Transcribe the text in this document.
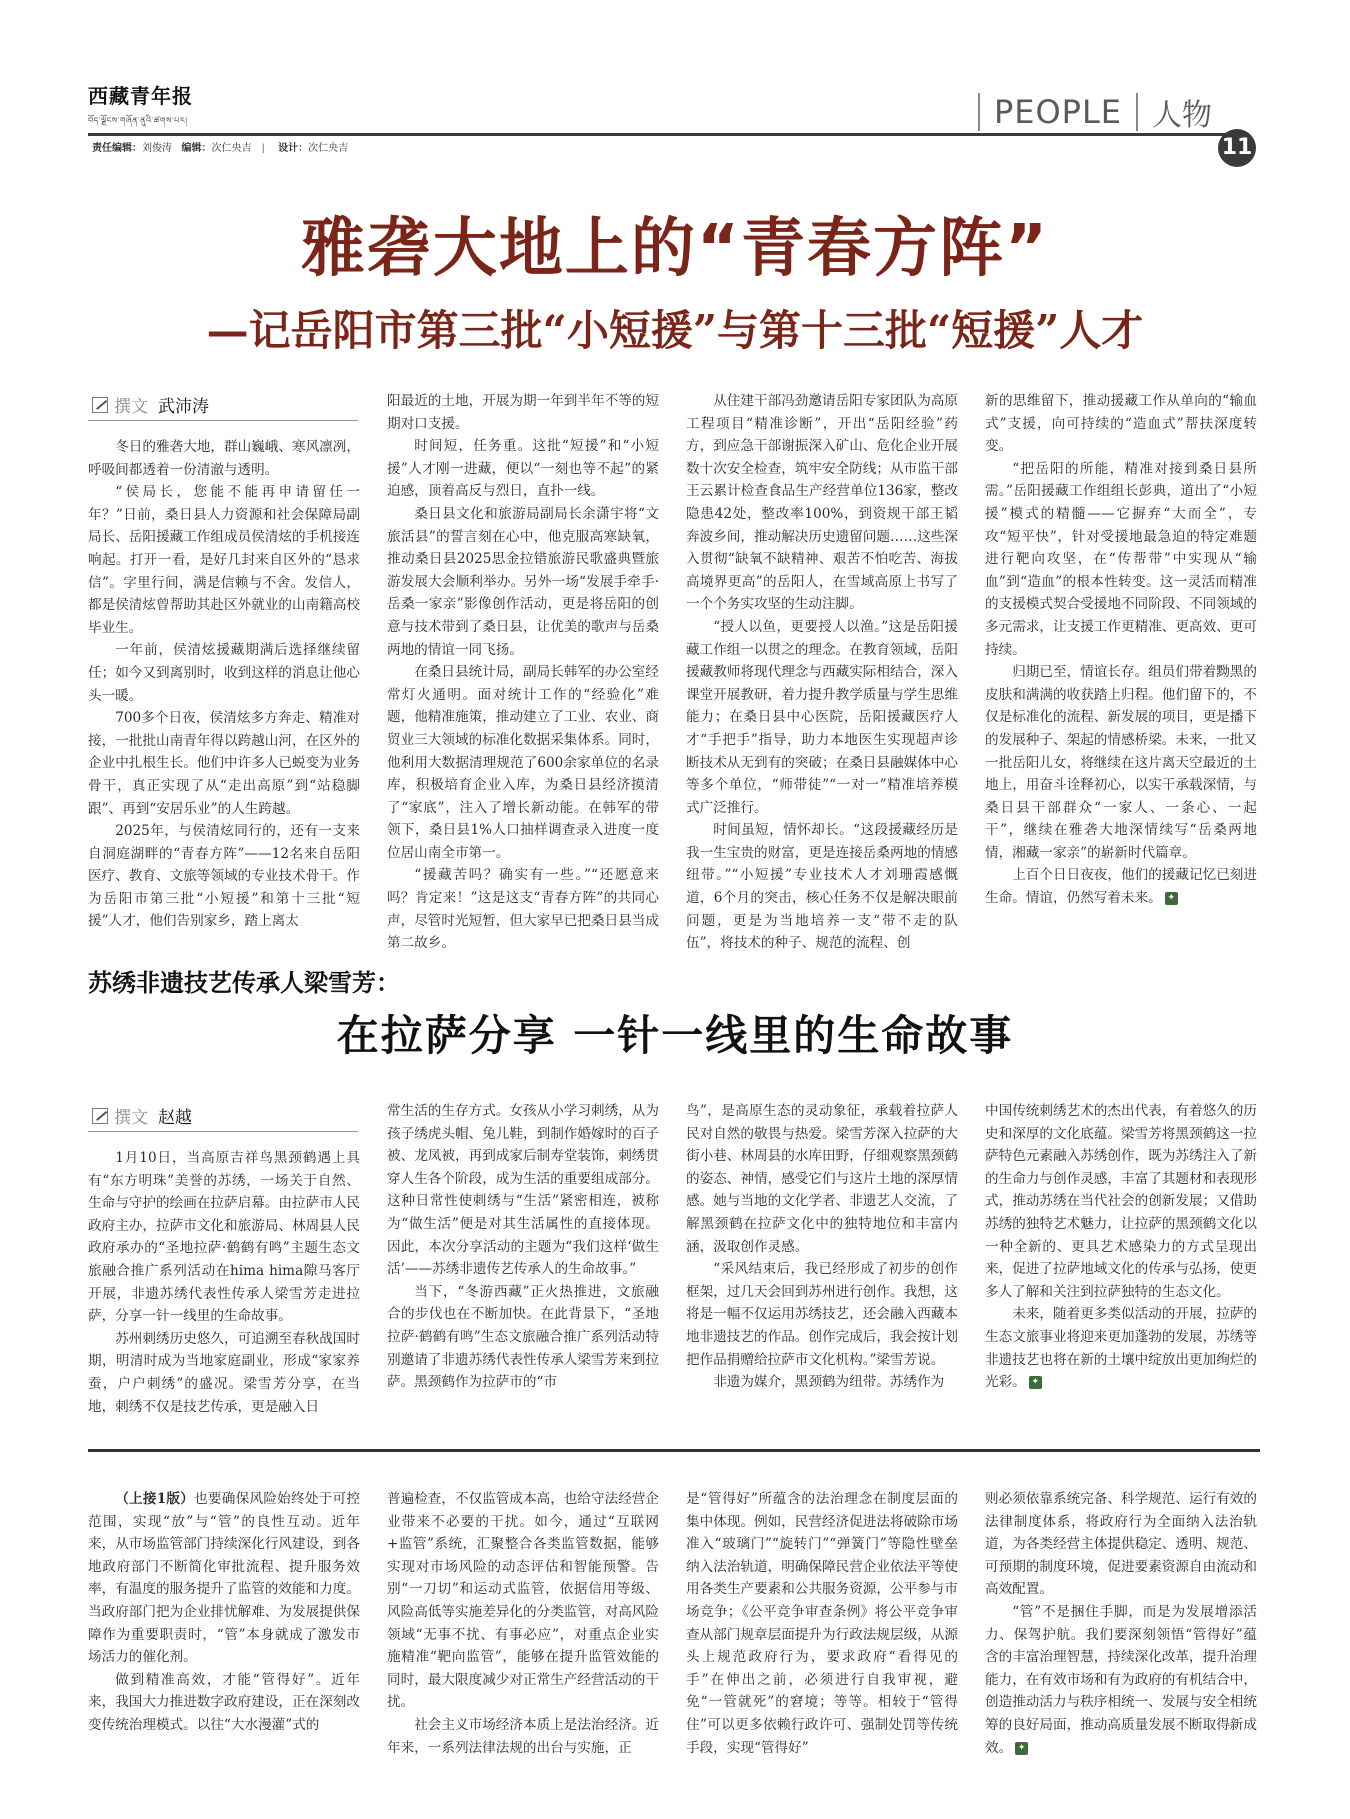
西藏青年报
བོད་ལྗོངས་གཞོན་ནུའི་ཚགས་པར།
责任编辑：刘俊涛 编辑：次仁央吉 | 设计：次仁央吉
PEOPLE 人物
11
雅砻大地上的“青春方阵”
—记岳阳市第三批“小短援”与第十三批“短援”人才
撰文 武沛涛

冬日的雅砻大地，群山巍峨、寒风凛冽，呼吸间都透着一份清澈与透明。

“侯局长，您能不能再申请留任一年？”日前，桑日县人力资源和社会保障局副局长、岳阳援藏工作组成员侯清炫的手机接连响起。打开一看，是好几封来自区外的“恳求信”。字里行间，满是信赖与不舍。发信人，都是侯清炫曾帮助其赴区外就业的山南籍高校毕业生。

一年前，侯清炫援藏期满后选择继续留任；如今又到离别时，收到这样的消息让他心头一暖。

700多个日夜，侯清炫多方奔走、精准对接，一批批山南青年得以跨越山河，在区外的企业中扎根生长。他们中许多人已蜕变为业务骨干，真正实现了从“走出高原”到“站稳脚跟”、再到“安居乐业”的人生跨越。

2025年，与侯清炫同行的，还有一支来自洞庭湖畔的“青春方阵”——12名来自岳阳医疗、教育、文旅等领域的专业技术骨干。作为岳阳市第三批“小短援”和第十三批“短援”人才，他们告别家乡，踏上离太

阳最近的土地，开展为期一年到半年不等的短期对口支援。

时间短，任务重。这批“短援”和“小短援”人才刚一进藏，便以“一刻也等不起”的紧迫感，顶着高反与烈日，直扑一线。

桑日县文化和旅游局副局长余潇宇将“文旅活县”的誓言刻在心中，他克服高寒缺氧，推动桑日县2025思金拉错旅游民歌盛典暨旅游发展大会顺利举办。另外一场“发展手牵手·岳桑一家亲”影像创作活动，更是将岳阳的创意与技术带到了桑日县，让优美的歌声与岳桑两地的情谊一同飞扬。

在桑日县统计局，副局长韩军的办公室经常灯火通明。面对统计工作的“经验化”难题，他精准施策，推动建立了工业、农业、商贸业三大领域的标准化数据采集体系。同时，他利用大数据清理规范了600余家单位的名录库，积极培育企业入库，为桑日县经济摸清了“家底”，注入了增长新动能。在韩军的带领下，桑日县1%人口抽样调查录入进度一度位居山南全市第一。

“援藏苦吗？确实有一些。”“还愿意来吗？肯定来！”这是这支“青春方阵”的共同心声，尽管时光短暂，但大家早已把桑日县当成第二故乡。

从住建干部冯劲邀请岳阳专家团队为高原工程项目“精准诊断”，开出“岳阳经验”药方，到应急干部谢振深入矿山、危化企业开展数十次安全检查，筑牢安全防线；从市监干部王云累计检查食品生产经营单位136家，整改隐患42处，整改率100%，到资规干部王韬奔波乡间，推动解决历史遗留问题……这些深入贯彻“缺氧不缺精神、艰苦不怕吃苦、海拔高境界更高”的岳阳人，在雪域高原上书写了一个个务实攻坚的生动注脚。

“授人以鱼，更要授人以渔。”这是岳阳援藏工作组一以贯之的理念。在教育领域，岳阳援藏教师将现代理念与西藏实际相结合，深入课堂开展教研，着力提升教学质量与学生思维能力；在桑日县中心医院，岳阳援藏医疗人才“手把手”指导，助力本地医生实现超声诊断技术从无到有的突破；在桑日县融媒体中心等多个单位，“师带徒”“一对一”精准培养模式广泛推行。

时间虽短，情怀却长。“这段援藏经历是我一生宝贵的财富，更是连接岳桑两地的情感纽带。”“小短援”专业技术人才刘珊霞感慨道，6个月的突击，核心任务不仅是解决眼前问题，更是为当地培养一支“带不走的队伍”，将技术的种子、规范的流程、创

新的思维留下，推动援藏工作从单向的“输血式”支援，向可持续的“造血式”帮扶深度转变。

“把岳阳的所能，精准对接到桑日县所需。”岳阳援藏工作组组长彭典，道出了“小短援”模式的精髓——它摒弃“大而全”，专攻“短平快”，针对受援地最急迫的特定难题进行靶向攻坚，在“传帮带”中实现从“输血”到“造血”的根本性转变。这一灵活而精准的支援模式契合受援地不同阶段、不同领域的多元需求，让支援工作更精准、更高效、更可持续。

归期已至，情谊长存。组员们带着黝黑的皮肤和满满的收获踏上归程。他们留下的，不仅是标准化的流程、新发展的项目，更是播下的发展种子、架起的情感桥梁。未来，一批又一批岳阳儿女，将继续在这片离天空最近的土地上，用奋斗诠释初心，以实干承载深情，与桑日县干部群众“一家人、一条心、一起干”，继续在雅砻大地深情续写“岳桑两地情，湘藏一家亲”的崭新时代篇章。

上百个日日夜夜，他们的援藏记忆已刻进生命。情谊，仍然写着未来。 ✦

苏绣非遗技艺传承人梁雪芳：
在拉萨分享 一针一线里的生命故事
撰文 赵越

1月10日，当高原吉祥鸟黑颈鹤遇上具有“东方明珠”美誉的苏绣，一场关于自然、生命与守护的绘画在拉萨启幕。由拉萨市人民政府主办，拉萨市文化和旅游局、林周县人民政府承办的“圣地拉萨·鹤鹤有鸣”主题生态文旅融合推广系列活动在hima hima隙马客厅开展，非遗苏绣代表性传承人梁雪芳走进拉萨，分享一针一线里的生命故事。

苏州刺绣历史悠久，可追溯至春秋战国时期，明清时成为当地家庭副业，形成“家家养蚕，户户刺绣”的盛况。梁雪芳分享，在当地，刺绣不仅是技艺传承，更是融入日

常生活的生存方式。女孩从小学习刺绣，从为孩子绣虎头帽、兔儿鞋，到制作婚嫁时的百子被、龙凤被，再到成家后制寿堂装饰，刺绣贯穿人生各个阶段，成为生活的重要组成部分。这种日常性使刺绣与“生活”紧密相连，被称为“做生活”便是对其生活属性的直接体现。因此，本次分享活动的主题为“我们这样‘做生活’——苏绣非遗传艺传承人的生命故事。”

当下，“冬游西藏”正火热推进，文旅融合的步伐也在不断加快。在此背景下，“圣地拉萨·鹤鹤有鸣”生态文旅融合推广系列活动特别邀请了非遗苏绣代表性传承人梁雪芳来到拉萨。黑颈鹤作为拉萨市的“市

鸟”，是高原生态的灵动象征，承载着拉萨人民对自然的敬畏与热爱。梁雪芳深入拉萨的大街小巷、林周县的水库田野，仔细观察黑颈鹤的姿态、神情，感受它们与这片土地的深厚情感。她与当地的文化学者、非遗艺人交流，了解黑颈鹤在拉萨文化中的独特地位和丰富内涵，汲取创作灵感。

“采风结束后，我已经形成了初步的创作框架，过几天会回到苏州进行创作。我想，这将是一幅不仅运用苏绣技艺，还会融入西藏本地非遗技艺的作品。创作完成后，我会按计划把作品捐赠给拉萨市文化机构。”梁雪芳说。

非遗为媒介，黑颈鹤为纽带。苏绣作为

中国传统刺绣艺术的杰出代表，有着悠久的历史和深厚的文化底蕴。梁雪芳将黑颈鹤这一拉萨特色元素融入苏绣创作，既为苏绣注入了新的生命力与创作灵感，丰富了其题材和表现形式，推动苏绣在当代社会的创新发展；又借助苏绣的独特艺术魅力，让拉萨的黑颈鹤文化以一种全新的、更具艺术感染力的方式呈现出来，促进了拉萨地域文化的传承与弘扬，使更多人了解和关注到拉萨独特的生态文化。

未来，随着更多类似活动的开展，拉萨的生态文旅事业将迎来更加蓬勃的发展，苏绣等非遗技艺也将在新的土壤中绽放出更加绚烂的光彩。 ✦

（上接1版）也要确保风险始终处于可控范围，实现“放”与“管”的良性互动。近年来，从市场监管部门持续深化行风建设，到各地政府部门不断简化审批流程、提升服务效率，有温度的服务提升了监管的效能和力度。当政府部门把为企业排忧解难、为发展提供保障作为重要职责时，“管”本身就成了激发市场活力的催化剂。

做到精准高效，才能“管得好”。近年来，我国大力推进数字政府建设，正在深刻改变传统治理模式。以往“大水漫灌”式的

普遍检查，不仅监管成本高，也给守法经营企业带来不必要的干扰。如今，通过“互联网+监管”系统，汇聚整合各类监管数据，能够实现对市场风险的动态评估和智能预警。告别“一刀切”和运动式监管，依据信用等级、风险高低等实施差异化的分类监管，对高风险领域“无事不扰、有事必应”，对重点企业实施精准“靶向监管”，能够在提升监管效能的同时，最大限度减少对正常生产经营活动的干扰。

社会主义市场经济本质上是法治经济。近年来，一系列法律法规的出台与实施，正

是“管得好”所蕴含的法治理念在制度层面的集中体现。例如，民营经济促进法将破除市场准入“玻璃门”“旋转门”“弹簧门”等隐性壁垒纳入法治轨道，明确保障民营企业依法平等使用各类生产要素和公共服务资源，公平参与市场竞争；《公平竞争审查条例》将公平竞争审查从部门规章层面提升为行政法规层级，从源头上规范政府行为，要求政府“看得见的手”在伸出之前，必须进行自我审视，避免“一管就死”的窘境；等等。相较于“管得住”可以更多依赖行政许可、强制处罚等传统手段，实现“管得好”

则必须依靠系统完备、科学规范、运行有效的法律制度体系，将政府行为全面纳入法治轨道，为各类经营主体提供稳定、透明、规范、可预期的制度环境，促进要素资源自由流动和高效配置。

“管”不是捆住手脚，而是为发展增添活力、保驾护航。我们要深刻领悟“管得好”蕴含的丰富治理智慧，持续深化改革，提升治理能力，在有效市场和有为政府的有机结合中，创造推动活力与秩序相统一、发展与安全相统筹的良好局面，推动高质量发展不断取得新成效。 ✦
